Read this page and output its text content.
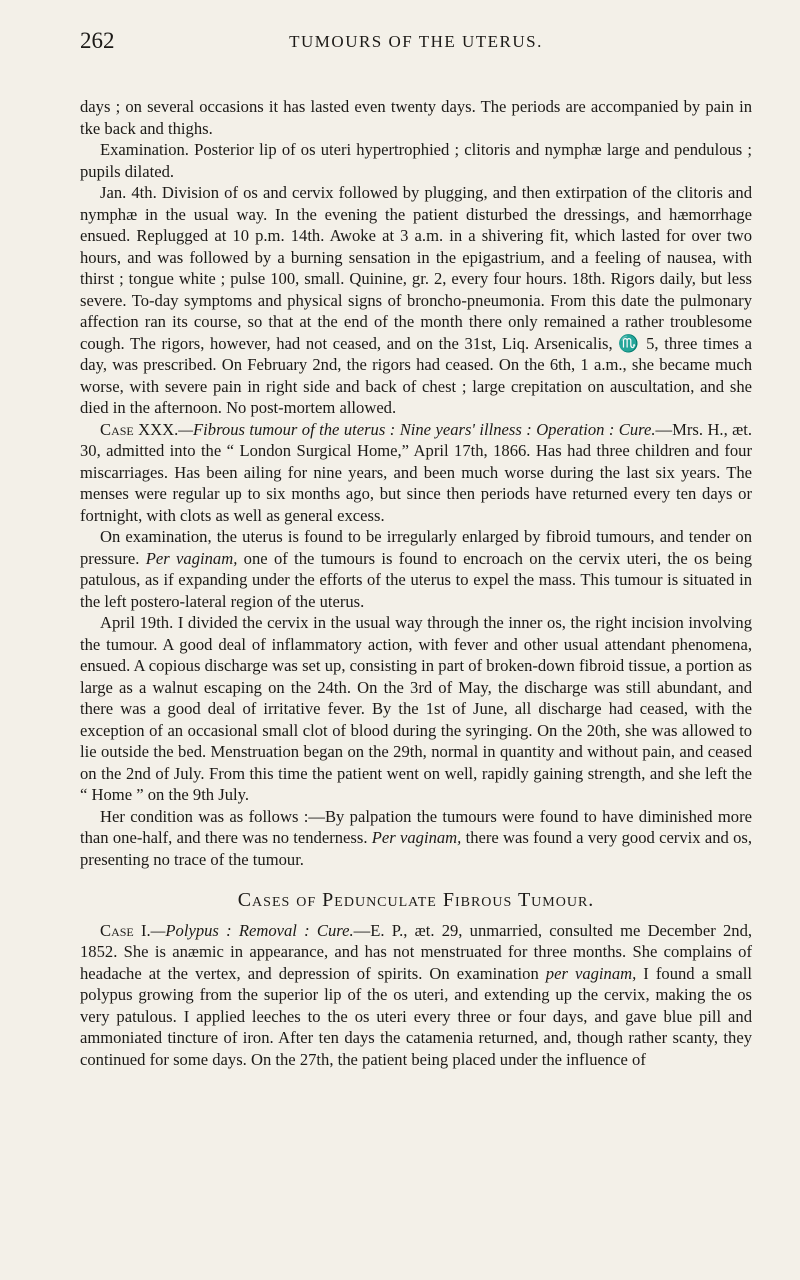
262	TUMOURS OF THE UTERUS.

days ; on several occasions it has lasted even twenty days. The periods are accompanied by pain in tke back and thighs.

Examination. Posterior lip of os uteri hypertrophied ; clitoris and nymphæ large and pendulous ; pupils dilated.

Jan. 4th. Division of os and cervix followed by plugging, and then extirpation of the clitoris and nymphæ in the usual way. In the evening the patient disturbed the dressings, and hæmorrhage ensued. Replugged at 10 p.m. 14th. Awoke at 3 a.m. in a shivering fit, which lasted for over two hours, and was followed by a burning sensation in the epigastrium, and a feeling of nausea, with thirst ; tongue white ; pulse 100, small. Quinine, gr. 2, every four hours. 18th. Rigors daily, but less severe. To-day symptoms and physical signs of broncho-pneumonia. From this date the pulmonary affection ran its course, so that at the end of the month there only remained a rather troublesome cough. The rigors, however, had not ceased, and on the 31st, Liq. Arsenicalis, ♏ 5, three times a day, was prescribed. On February 2nd, the rigors had ceased. On the 6th, 1 a.m., she became much worse, with severe pain in right side and back of chest ; large crepitation on auscultation, and she died in the afternoon. No post-mortem allowed.

Case XXX.—Fibrous tumour of the uterus : Nine years' illness : Operation : Cure.—Mrs. H., æt. 30, admitted into the “ London Surgical Home,” April 17th, 1866. Has had three children and four miscarriages. Has been ailing for nine years, and been much worse during the last six years. The menses were regular up to six months ago, but since then periods have returned every ten days or fortnight, with clots as well as general excess.

On examination, the uterus is found to be irregularly enlarged by fibroid tumours, and tender on pressure. Per vaginam, one of the tumours is found to encroach on the cervix uteri, the os being patulous, as if expanding under the efforts of the uterus to expel the mass. This tumour is situated in the left postero-lateral region of the uterus.

April 19th. I divided the cervix in the usual way through the inner os, the right incision involving the tumour. A good deal of inflammatory action, with fever and other usual attendant phenomena, ensued. A copious discharge was set up, consisting in part of broken-down fibroid tissue, a portion as large as a walnut escaping on the 24th. On the 3rd of May, the discharge was still abundant, and there was a good deal of irritative fever. By the 1st of June, all discharge had ceased, with the exception of an occasional small clot of blood during the syringing. On the 20th, she was allowed to lie outside the bed. Menstruation began on the 29th, normal in quantity and without pain, and ceased on the 2nd of July. From this time the patient went on well, rapidly gaining strength, and she left the “ Home ” on the 9th July.

Her condition was as follows :—By palpation the tumours were found to have diminished more than one-half, and there was no tenderness. Per vaginam, there was found a very good cervix and os, presenting no trace of the tumour.

Cases of Pedunculate Fibrous Tumour.

Case I.—Polypus : Removal : Cure.—E. P., æt. 29, unmarried, consulted me December 2nd, 1852. She is anæmic in appearance, and has not menstruated for three months. She complains of headache at the vertex, and depression of spirits. On examination per vaginam, I found a small polypus growing from the superior lip of the os uteri, and extending up the cervix, making the os very patulous. I applied leeches to the os uteri every three or four days, and gave blue pill and ammoniated tincture of iron. After ten days the catamenia returned, and, though rather scanty, they continued for some days. On the 27th, the patient being placed under the influence of
